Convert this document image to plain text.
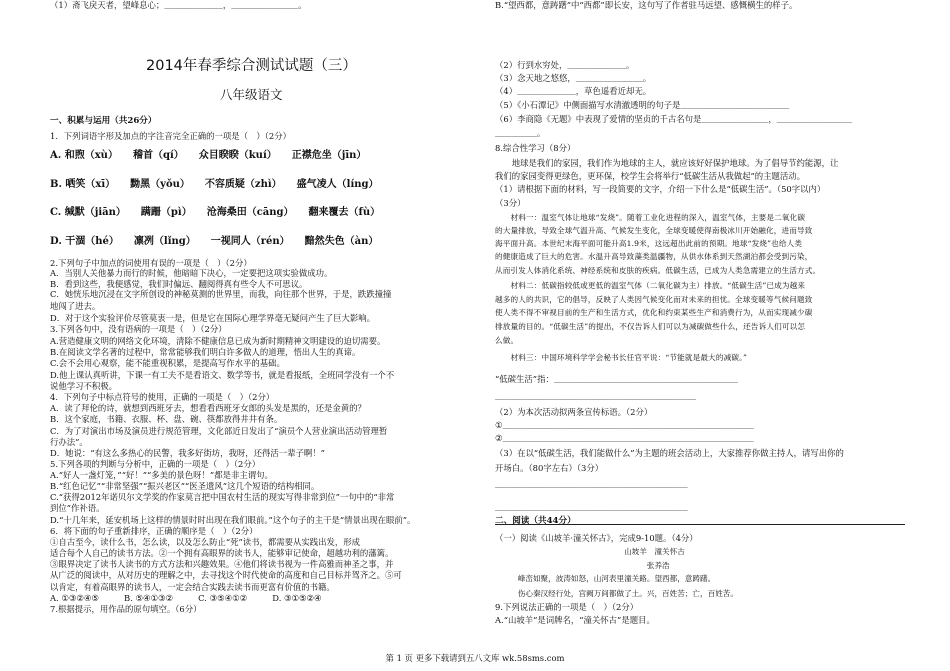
2014年春季综合测试试题（三）
八年级语文
一、积累与运用（共26分）
1．下列词语字形及加点的字注音完全正确的一项是（　）（2分）
A. 和煦（xù）　　稽首（qí）　　众目睽睽（kuí）　　正襟危坐（jīn）
B. 哂笑（xī）　　黝黑（yǒu）　　不容质疑（zhì）　　盛气凌人（líng）
C. 缄默（jiān）　　蹒跚（pì）　　沧海桑田（cāng）　　翻来覆去（fù）
D. 干涸（hé）　　凛冽（lǐng）　　一视同人（rén）　　黯然失色（àn）
2.下列句子中加点的词使用有误的一项是（　）（2分）
A．当别人关他暴力而行的时候，他暗暗下决心，一定要把这项实验做成功。
B．看到这些，我便感觉，我们时偏远、翻阅得真有些令人不可思议。
C．她恍乐地沉浸在文字所创设的神秘莫测的世界里，而我，向往那个世界，于是，跌跌撞撞
地闯了进去。
D．对于这个实验评价尽管莫衷一是，但是它在国际心理学界毫无疑问产生了巨大影响。
3.下列各句中，没有语病的一项是（　）（2分）
A.营造健康文明的网络文化环境，清除不健康信息已成为新时期精神文明建设的迫切需要。
B.在阅读文学名著的过程中，常常能够我们明白许多做人的道理，悟出人生的真谛。
C.会不会用心观察，能不能重视积累，是提高写作水平的基础。
D.他上课认真听讲，下课一有工夫不是看语文、数学等书，就是看报纸，全班同学没有一个不
说他学习不积极。
4．下列句子中标点符号的使用，正确的一项是（　）（2分）
A．读了拜伦的诗，就想到西班牙去，想看看西班牙女郎的头发是黑的，还是金黄的？
B．这个家庭，书籍、衣服、杯、盘、碗、筷都放得井井有条。
C．为了对演出市场及演员进行规范管理，文化部近日发出了“演员个人营业演出活动管理暂
行办法”。
D．她说：“有这么多热心的民警，我多好街坊，我呀，还得活一辈子啊！”
5.下列各项的判断与分析中，正确的一项是（　）（2分）
A.“好人一盏灯笼，”“好！”“多美的景色呀！”都是非主谓句。
B.“红色记忆”“非常坚强”“振兴老区”“医圣遗风”这几个短语的结构相同。
C.“获得2012年诺贝尔文学奖的作家莫言把中国农村生活的现实写得非常到位”一句中的“非常
到位”作补语。
D.“十几年来，延安机场上这样的情景时时出现在我们眼前。”这个句子的主干是“情景出现在眼前”。
6．将下面的句子重新排序，正确的顺序是（　）（2分）
①自古至今，读什么书，怎么读，以及怎么防止“死”读书，都需要从实践出发，形成
适合每个人自己的读书方法。②一个拥有高眼界的读书人，能够审记使命，超越功利的藩篱。
③眼界决定了读书人读书的方式方法和兴趣效果。④他们将读书视为一件高雅而神圣之事，并
从广泛的阅读中，从对历史的理解之中，去寻找这个时代使命的高度和自己目标并驾齐之。⑤可
以肯定，有着高眼界的读书人，一定会结合实践去读书而更富有价值的书籍。
A. ①③②④⑤　　　B. ⑤④①③②　　　C. ③⑤④①②　　　D. ③①⑤②④
7.根据提示，用作品的原句填空。（6分）
（1）斋飞戾天者，望峰息心；＿＿＿＿＿＿＿，＿＿＿＿＿＿＿＿。
（2）行到水穷处，＿＿＿＿＿＿＿。
（3）念天地之悠悠，＿＿＿＿＿＿＿＿。
（4）＿＿＿＿＿＿＿，草色遥看近却无。
（5）《小石潭记》中侧面描写水清澈透明的句子是＿＿＿＿＿＿＿＿＿＿＿＿＿
（6）李商隐《无题》中表现了爱情的坚贞的千古名句是＿＿＿＿＿＿＿＿，＿＿＿＿＿＿＿＿＿
＿＿＿＿＿。
8.综合性学习（8分）
　　地球是我们的家园，我们作为地球的主人，就应该好好保护地球。为了倡导节约能源，让
我们的家园变得更绿色，更环保，校学生会将举行“低碳生活从我做起”的主题活动。
（1）请根据下面的材料，写一段简要的文字，介绍一下什么是“低碳生活”。（50字以内）
（3分）
　　材料一：温室气体让地球“发烧”。随着工业化进程的深入，温室气体，主要是二氧化碳
的大量排放，导致全球气温升高、气候发生变化，全球变暖使得南极冰川开始融化，进而导致
海平面升高。本世纪末海平面可能升高1.9米，这远超出此前的预期。地球“发烧”也给人类
的健康造成了巨大的危害。水温升高导致藻类温疆物，从供水体系到天然湖泊都会受到污染，
从而引发人体消化系统、神经系统和皮肤的疾病。低碳生活，已成为人类急需建立的生活方式。
　　材料二：低碳指较低或更低的温室气体（二氧化碳为主）排放。“低碳生活”已成为越来
越多的人的共识，它的倡导，反映了人类因气候变化而对未来的担忧。全球变暖等气候问题致
使人类不得不审视目前的生产和生活方式，优化和约束某些生产和消费行为，从而实现减少碳
排放量的目的。“低碳生活”的提出，不仅告诉人们可以为减碳做些什么，还告诉人们可以怎
么做。
　　材料三：中国环境科学学会秘书长任官平说：“节能就是最大的减碳。”
“低碳生活”指：＿＿＿＿＿＿＿＿＿＿＿＿＿＿＿＿＿＿＿＿＿＿
＿＿＿＿＿＿＿＿＿＿＿＿＿＿＿＿＿＿＿＿＿＿＿＿
（2）为本次活动拟两条宣传标语。（2分）
①＿＿＿＿＿＿＿＿＿＿＿＿＿＿＿＿＿＿＿＿＿＿＿＿＿＿＿＿＿＿
②＿＿＿＿＿＿＿＿＿＿＿＿＿＿＿＿＿＿＿＿＿＿＿＿＿＿＿＿＿＿
（3）在以“低碳生活，我们能做什么”为主题的班会活动上，大家推荐你做主持人，请写出你的
开场白。（80字左右）（3分）
＿＿＿＿＿＿＿＿＿＿＿＿＿＿＿＿＿＿＿＿＿＿＿
＿＿＿＿＿＿＿＿＿＿＿＿＿＿＿＿＿＿＿＿＿＿＿
二、阅读（共44分）
（一）阅读《山坡羊·潼关怀古》，完成9-10题。（4分）
　　　　　　　　　　　　　　　　　山坡羊　潼关怀古
　　　　　　　　　　　　　　　　　　　　张养浩
　　　峰峦如聚，波涛如怒，山河表里潼关路。望西都，意踌躇。
　　　伤心秦汉经行处，宫阙万间都做了土。兴，百姓苦；亡，百姓苦。
9.下列说法正确的一项是（　）（2分）
A.“山坡羊”是词牌名，“潼关怀古”是题目。
B.“望西都，意踌躇”中“西都”即长安，这句写了作者驻马远望、感慨横生的样子。
第 1 页 更多下载请到五八文库 wk.58sms.com
